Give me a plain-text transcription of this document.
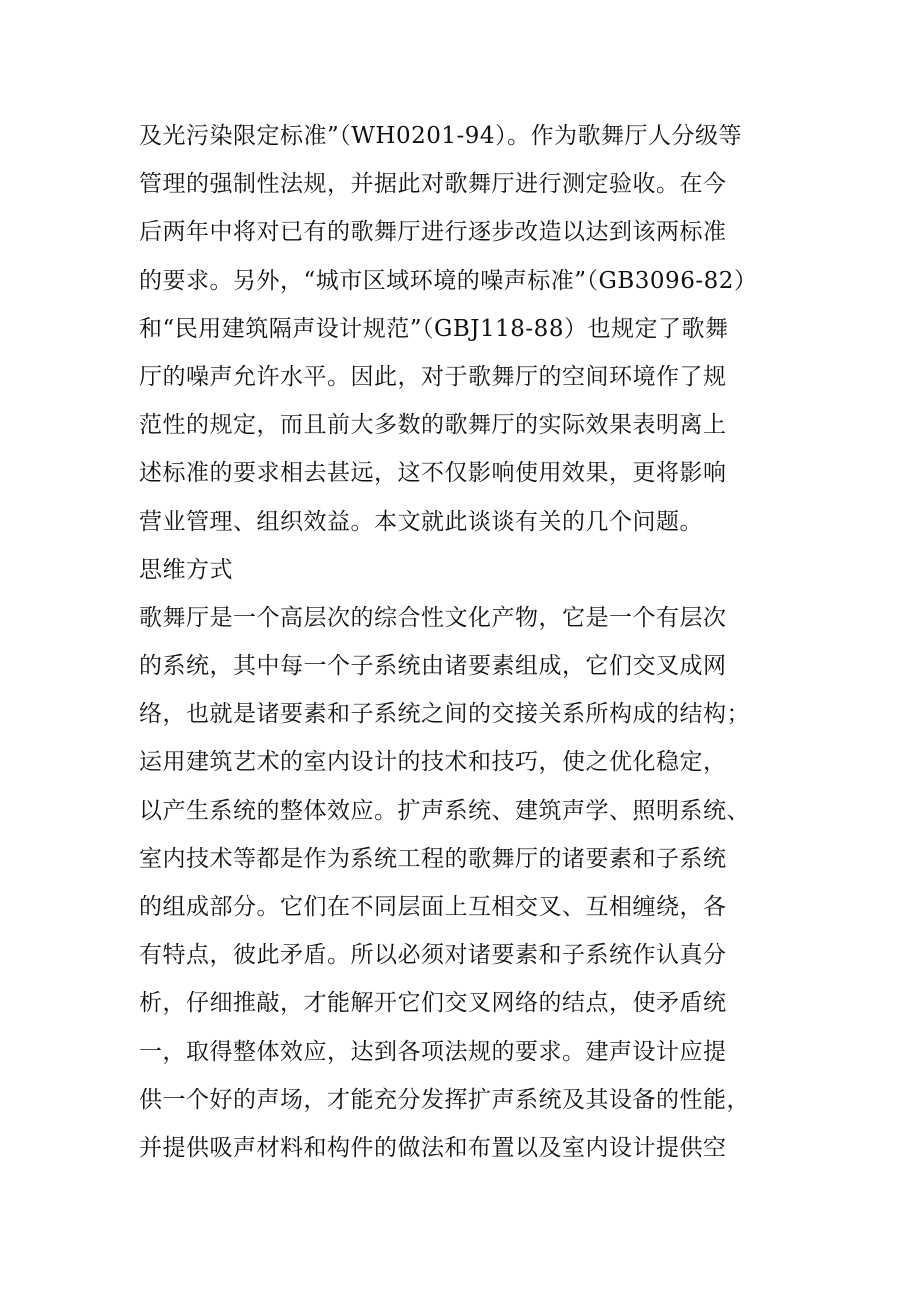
及光污染限定标准”（WH0201-94）。作为歌舞厅人分级等
管理的强制性法规，并据此对歌舞厅进行测定验收。在今
后两年中将对已有的歌舞厅进行逐步改造以达到该两标准
的要求。另外，“城市区域环境的噪声标准”（GB3096-82）
和“民用建筑隔声设计规范”（GBJ118-88）也规定了歌舞
厅的噪声允许水平。因此，对于歌舞厅的空间环境作了规
范性的规定，而且前大多数的歌舞厅的实际效果表明离上
述标准的要求相去甚远，这不仅影响使用效果，更将影响
营业管理、组织效益。本文就此谈谈有关的几个问题。
思维方式
歌舞厅是一个高层次的综合性文化产物，它是一个有层次
的系统，其中每一个子系统由诸要素组成，它们交叉成网
络，也就是诸要素和子系统之间的交接关系所构成的结构；
运用建筑艺术的室内设计的技术和技巧，使之优化稳定，
以产生系统的整体效应。扩声系统、建筑声学、照明系统、
室内技术等都是作为系统工程的歌舞厅的诸要素和子系统
的组成部分。它们在不同层面上互相交叉、互相缠绕，各
有特点，彼此矛盾。所以必须对诸要素和子系统作认真分
析，仔细推敲，才能解开它们交叉网络的结点，使矛盾统
一，取得整体效应，达到各项法规的要求。建声设计应提
供一个好的声场，才能充分发挥扩声系统及其设备的性能，
并提供吸声材料和构件的做法和布置以及室内设计提供空
